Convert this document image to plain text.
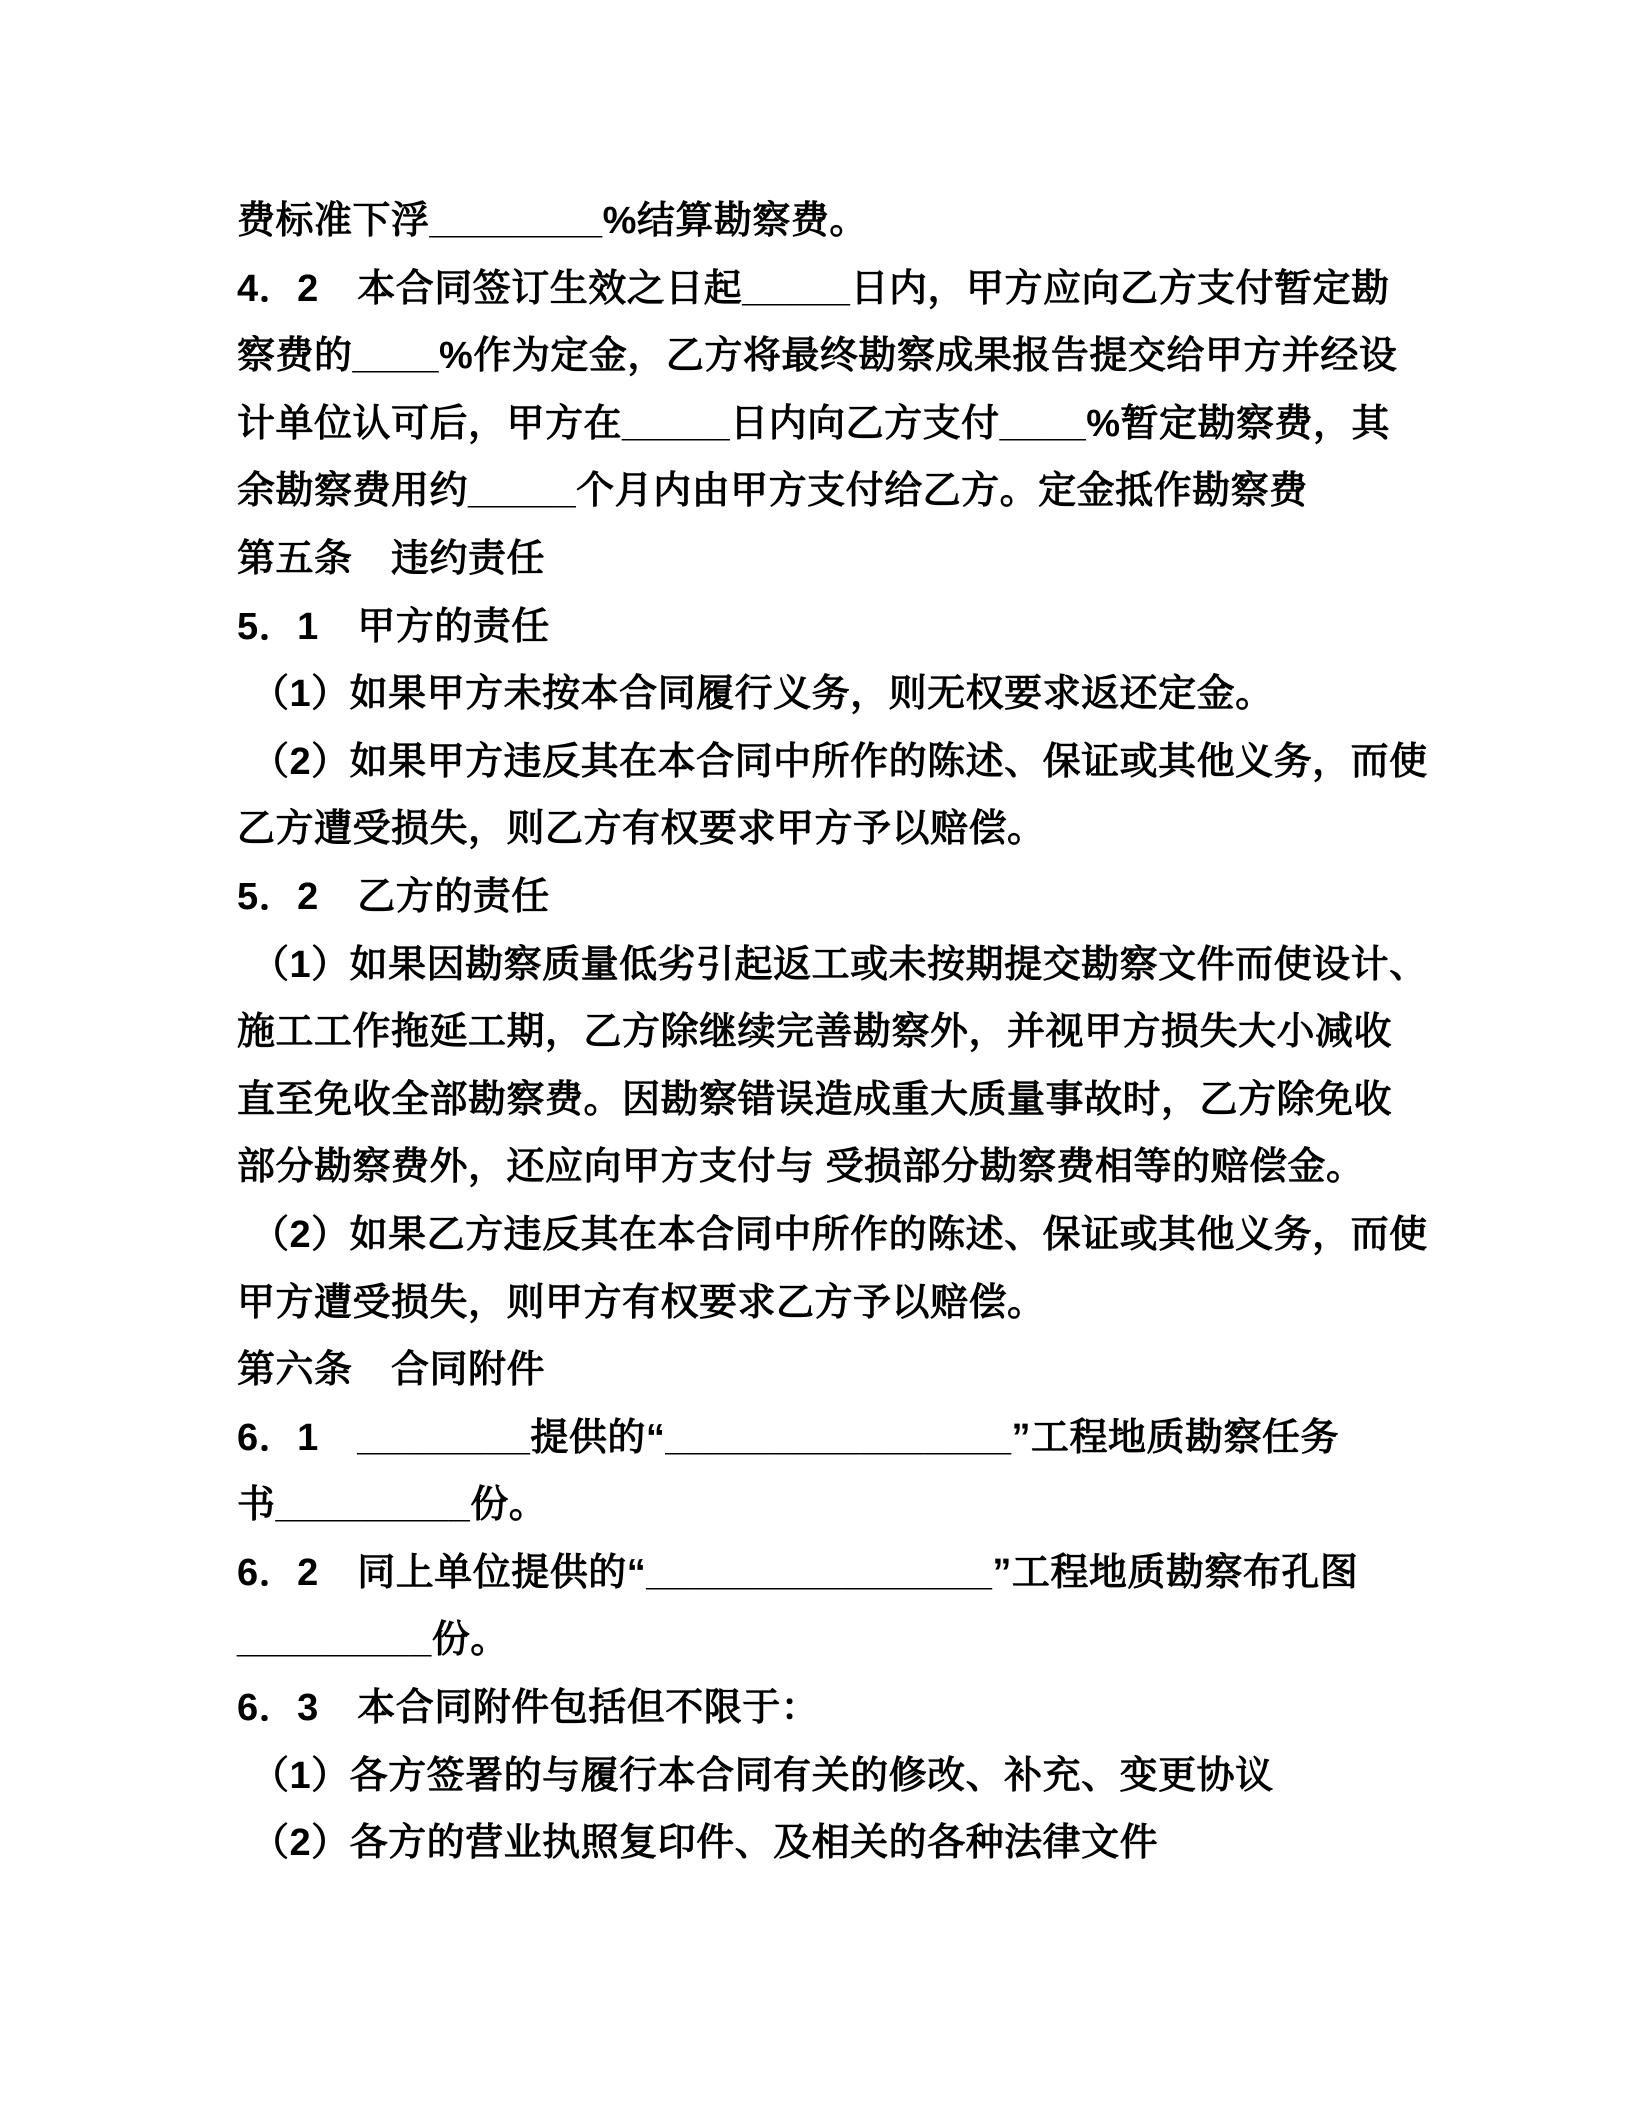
费标准下浮________%结算勘察费。
4．2　本合同签订生效之日起_____日内，甲方应向乙方支付暂定勘
察费的____%作为定金，乙方将最终勘察成果报告提交给甲方并经设
计单位认可后，甲方在_____日内向乙方支付____%暂定勘察费，其
余勘察费用约_____个月内由甲方支付给乙方。定金抵作勘察费
第五条　违约责任
5．1　甲方的责任
（1）如果甲方未按本合同履行义务，则无权要求返还定金。
（2）如果甲方违反其在本合同中所作的陈述、保证或其他义务，而使
乙方遭受损失，则乙方有权要求甲方予以赔偿。
5．2　乙方的责任
（1）如果因勘察质量低劣引起返工或未按期提交勘察文件而使设计、
施工工作拖延工期，乙方除继续完善勘察外，并视甲方损失大小减收
直至免收全部勘察费。因勘察错误造成重大质量事故时，乙方除免收
部分勘察费外，还应向甲方支付与 受损部分勘察费相等的赔偿金。
（2）如果乙方违反其在本合同中所作的陈述、保证或其他义务，而使
甲方遭受损失，则甲方有权要求乙方予以赔偿。
第六条　合同附件
6．1　________提供的“________________”工程地质勘察任务
书_________份。
6．2　同上单位提供的“________________”工程地质勘察布孔图
_________份。
6．3　本合同附件包括但不限于：
（1）各方签署的与履行本合同有关的修改、补充、变更协议
（2）各方的营业执照复印件、及相关的各种法律文件
